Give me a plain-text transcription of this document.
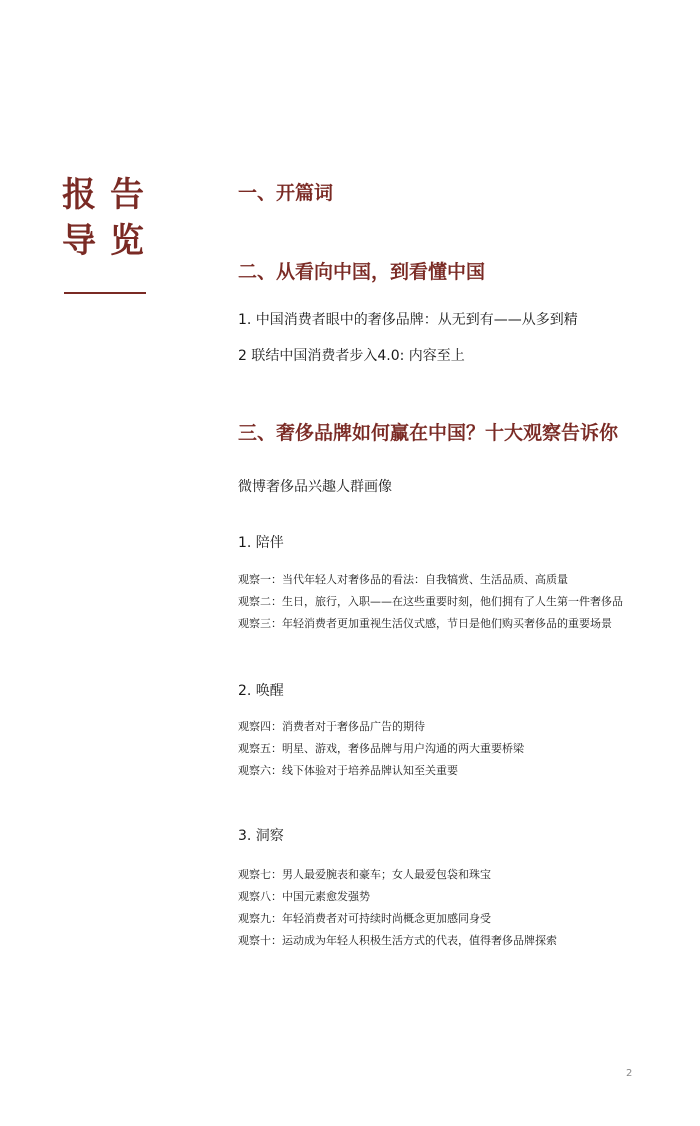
报告
导览
一、开篇词
二、从看向中国，到看懂中国
1. 中国消费者眼中的奢侈品牌：从无到有——从多到精
2 联结中国消费者步入4.0: 内容至上
三、奢侈品牌如何赢在中国？十大观察告诉你
微博奢侈品兴趣人群画像
1. 陪伴
观察一：当代年轻人对奢侈品的看法：自我犒赏、生活品质、高质量
观察二：生日，旅行，入职——在这些重要时刻，他们拥有了人生第一件奢侈品
观察三：年轻消费者更加重视生活仪式感，节日是他们购买奢侈品的重要场景
2. 唤醒
观察四：消费者对于奢侈品广告的期待
观察五：明星、游戏，奢侈品牌与用户沟通的两大重要桥梁
观察六：线下体验对于培养品牌认知至关重要
3. 洞察
观察七：男人最爱腕表和豪车；女人最爱包袋和珠宝
观察八：中国元素愈发强势
观察九：年轻消费者对可持续时尚概念更加感同身受
观察十：运动成为年轻人积极生活方式的代表，值得奢侈品牌探索
2
